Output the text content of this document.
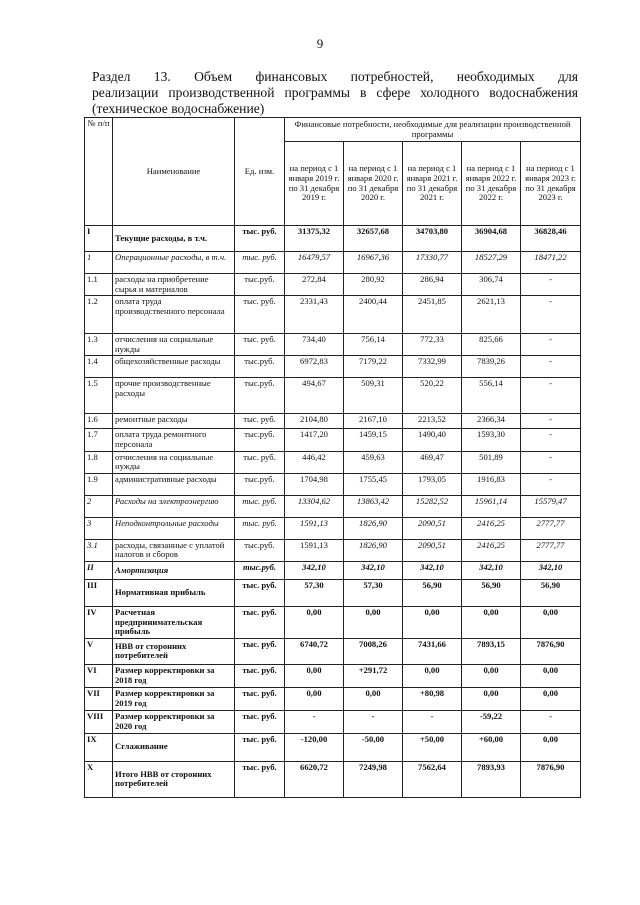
9
Раздел 13. Объем финансовых потребностей, необходимых для
реализации производственной программы в сфере холодного водоснабжения
(техническое водоснабжение)
№ п/п	Наименование	Ед. изм.	Финансовые потребности, необходимые для реализации производственной программы				
			на период с 1 января 2019 г. по 31 декабря 2019 г.	на период с 1 января 2020 г. по 31 декабря 2020 г.	на период с 1 января 2021 г. по 31 декабря 2021 г.	на период с 1 января 2022 г. по 31 декабря 2022 г.	на период с 1 января 2023 г. по 31 декабря 2023 г.
I	Текущие расходы, в т.ч.	тыс. руб.	31375,32	32657,68	34703,80	36904,68	36828,46
1	Операционные расходы, в т.ч.	тыс. руб.	16479,57	16967,36	17330,77	18527,29	18471,22
1.1	расходы на приобретение сырья и материалов	тыс.руб.	272,84	280,92	286,94	306,74	-
1.2	оплата труда производственного персонала	тыс. руб.	2331,43	2400,44	2451,85	2621,13	-
1.3	отчисления на социальные нужды	тыс. руб.	734,40	756,14	772,33	825,66	-
1.4	общехозяйственные расходы	тыс.руб.	6972,83	7179,22	7332,99	7839,26	-
1.5	прочие производственные расходы	тыс.руб.	494,67	509,31	520,22	556,14	-
1.6	ремонтные расходы	тыс. руб.	2104,80	2167,10	2213,52	2366,34	-
1.7	оплата труда ремонтного персонала	тыс.руб.	1417,20	1459,15	1490,40	1593,30	-
1.8	отчисления на социальные нужды	тыс. руб.	446,42	459,63	469,47	501,89	-
1.9	административные расходы	тыс.руб.	1704,98	1755,45	1793,05	1916,83	-
2	Расходы на электроэнергию	тыс. руб.	13304,62	13863,42	15282,52	15961,14	15579,47
3	Неподконтрольные расходы	тыс. руб.	1591,13	1826,90	2090,51	2416,25	2777,77
3.1	расходы, связанные с уплатой налогов и сборов	тыс.руб.	1591,13	1826,90	2090,51	2416,25	2777,77
II	Амортизация	тыс.руб.	342,10	342,10	342,10	342,10	342,10
III	Нормативная прибыль	тыс. руб.	57,30	57,30	56,90	56,90	56,90
IV	Расчетная предпринимательская прибыль	тыс. руб.	0,00	0,00	0,00	0,00	0,00
V	НВВ от сторонних потребителей	тыс. руб.	6740,72	7008,26	7431,66	7893,15	7876,90
VI	Размер корректировки за 2018 год	тыс. руб.	0,00	+291,72	0,00	0,00	0,00
VII	Размер корректировки за 2019 год	тыс. руб.	0,00	0,00	+80,98	0,00	0,00
VIII	Размер корректировки за 2020 год	тыс. руб.	-	-	-	-59,22	-
IX	Сглаживание	тыс. руб.	-120,00	-50,00	+50,00	+60,00	0,00
X	Итого НВВ от сторонних потребителей	тыс. руб.	6620,72	7249,98	7562,64	7893,93	7876,90
